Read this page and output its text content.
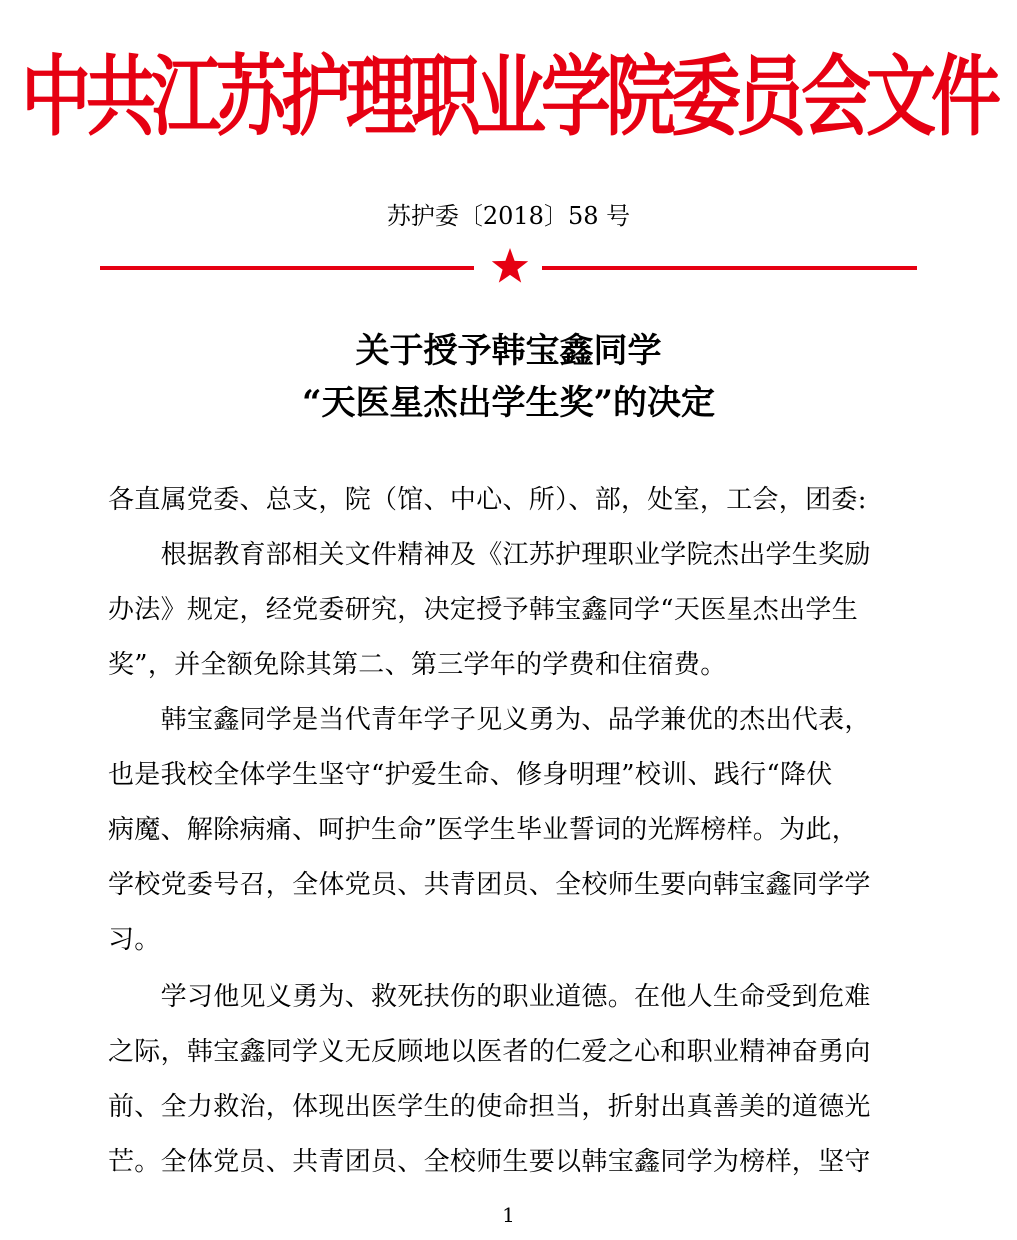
中共江苏护理职业学院委员会文件
苏护委〔2018〕58 号
关于授予韩宝鑫同学
“天医星杰出学生奖”的决定
各直属党委、总支，院（馆、中心、所）、部，处室，工会，团委:
　　根据教育部相关文件精神及《江苏护理职业学院杰出学生奖励
办法》规定，经党委研究，决定授予韩宝鑫同学“天医星杰出学生
奖”，并全额免除其第二、第三学年的学费和住宿费。
　　韩宝鑫同学是当代青年学子见义勇为、品学兼优的杰出代表，
也是我校全体学生坚守“护爱生命、修身明理”校训、践行“降伏
病魔、解除病痛、呵护生命”医学生毕业誓词的光辉榜样。为此，
学校党委号召，全体党员、共青团员、全校师生要向韩宝鑫同学学
习。
　　学习他见义勇为、救死扶伤的职业道德。在他人生命受到危难
之际，韩宝鑫同学义无反顾地以医者的仁爱之心和职业精神奋勇向
前、全力救治，体现出医学生的使命担当，折射出真善美的道德光
芒。全体党员、共青团员、全校师生要以韩宝鑫同学为榜样，坚守
1
